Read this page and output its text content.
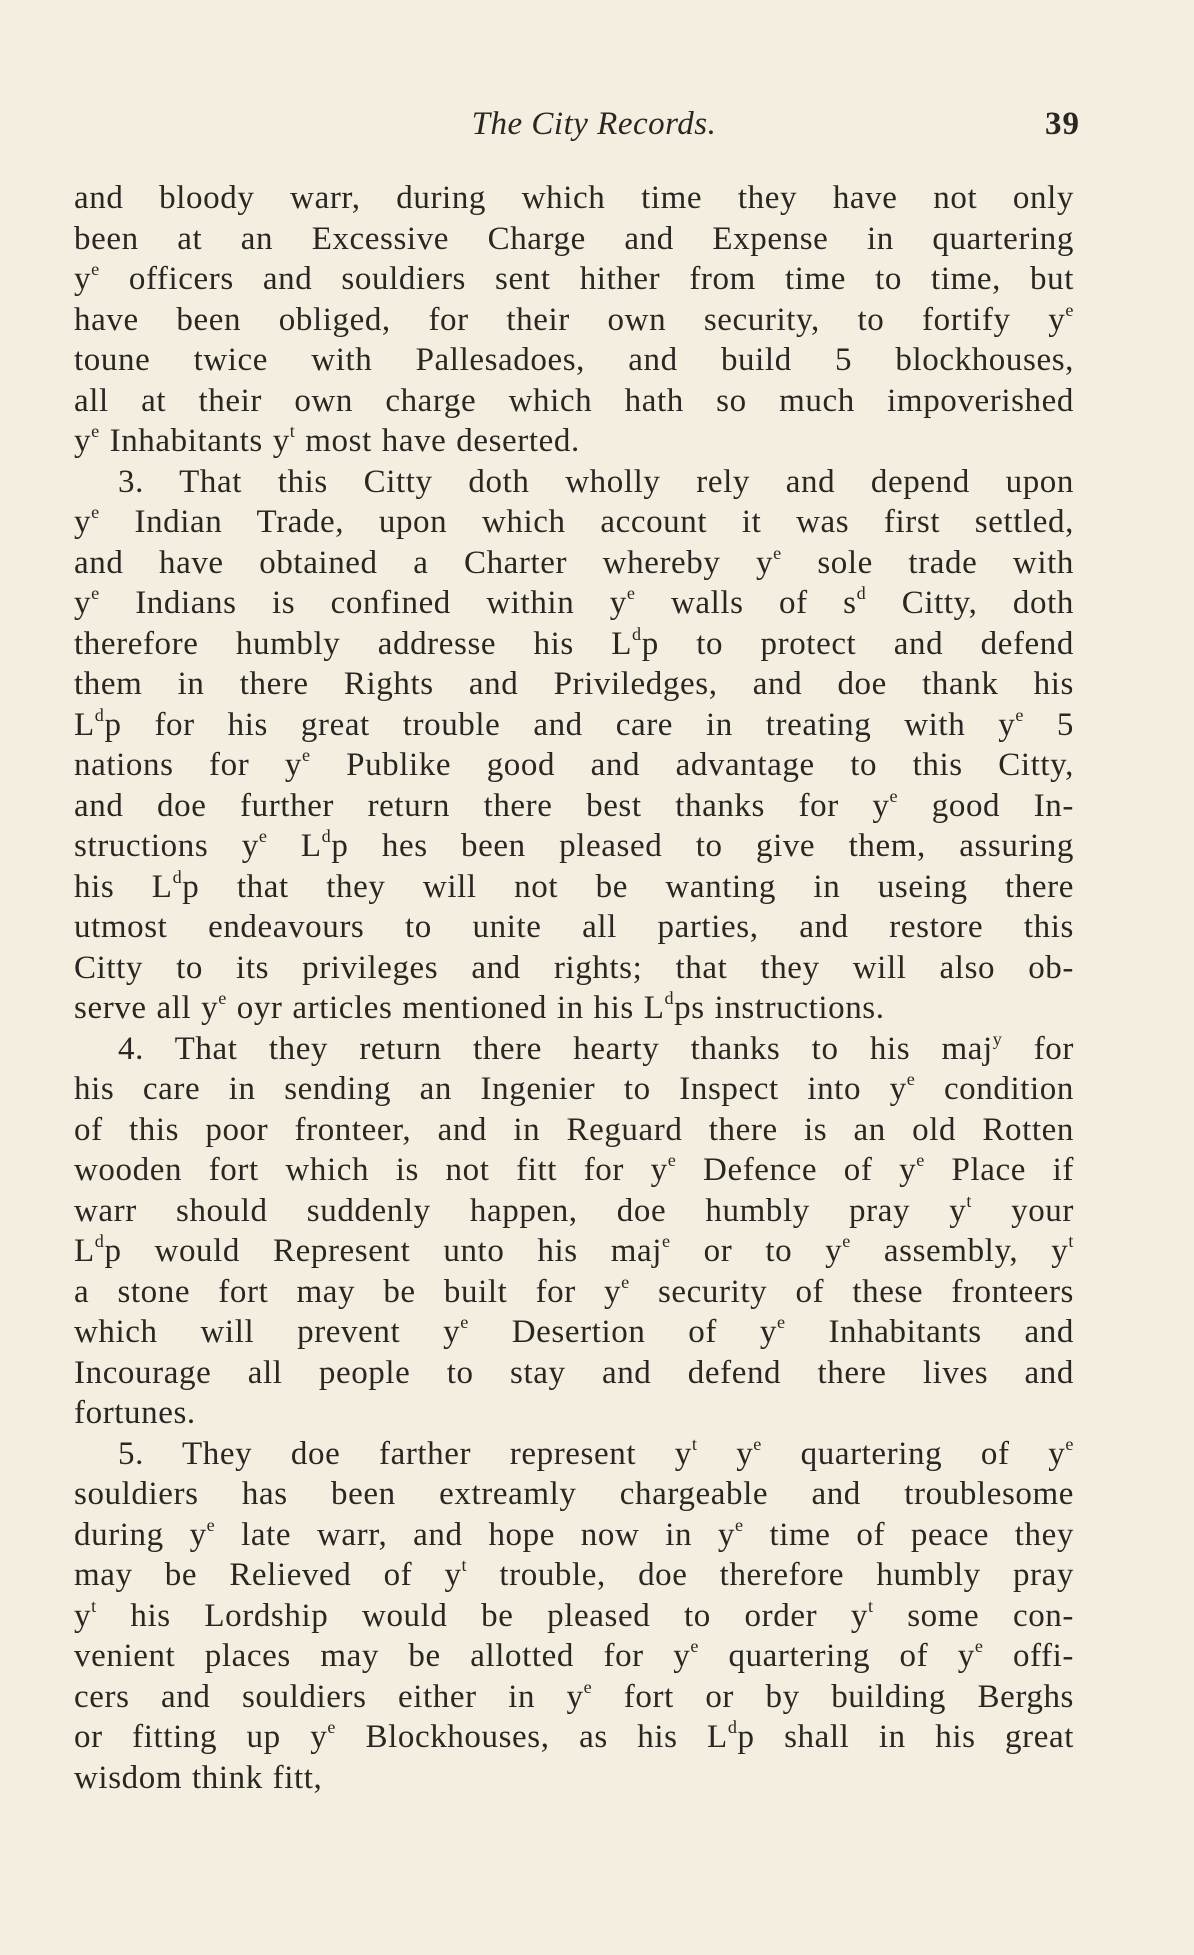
The City Records.	39

and bloody warr, during which time they have not only

been at an Excessive Charge and Expense in quartering

$y^e$ officers and souldiers sent hither from time to time, but

have been obliged, for their own security, to fortify $y^e$

toune twice with Pallesadoes, and build 5 blockhouses,

all at their own charge which hath so much impoverished

$y^e$ Inhabitants $y^t$ most have deserted.

3. That this Citty doth wholly rely and depend upon

$y^e$ Indian Trade, upon which account it was first settled,

and have obtained a Charter whereby $y^e$ sole trade with

$y^e$ Indians is confined within $y^e$ walls of $s^d$ Citty, doth

therefore humbly addresse his $L^dp$ to protect and defend

them in there Rights and Priviledges, and doe thank his

$L^dp$ for his great trouble and care in treating with $y^e$ 5

nations for $y^e$ Publike good and advantage to this Citty,

and doe further return there best thanks for $y^e$ good In-

structions $y^e$ $L^dp$ hes been pleased to give them, assuring

his $L^dp$ that they will not be wanting in useing there

utmost endeavours to unite all parties, and restore this

Citty to its privileges and rights; that they will also ob-

serve all $y^e$ oyr articles mentioned in his $L^dps$ instructions.

4. That they return there hearty thanks to his maj$^y$ for

his care in sending an Ingenier to Inspect into $y^e$ condition

of this poor fronteer, and in Reguard there is an old Rotten

wooden fort which is not fitt for $y^e$ Defence of $y^e$ Place if

warr should suddenly happen, doe humbly pray $y^t$ your

$L^dp$ would Represent unto his maj$^e$ or to $y^e$ assembly, $y^t$

a stone fort may be built for $y^e$ security of these fronteers

which will prevent $y^e$ Desertion of $y^e$ Inhabitants and

Incourage all people to stay and defend there lives and

fortunes.

5. They doe farther represent $y^t$ $y^e$ quartering of $y^e$

souldiers has been extreamly chargeable and troublesome

during $y^e$ late warr, and hope now in $y^e$ time of peace they

may be Relieved of $y^t$ trouble, doe therefore humbly pray

$y^t$ his Lordship would be pleased to order $y^t$ some con-

venient places may be allotted for $y^e$ quartering of $y^e$ offi-

cers and souldiers either in $y^e$ fort or by building Berghs

or fitting up $y^e$ Blockhouses, as his $L^dp$ shall in his great

wisdom think fitt,
